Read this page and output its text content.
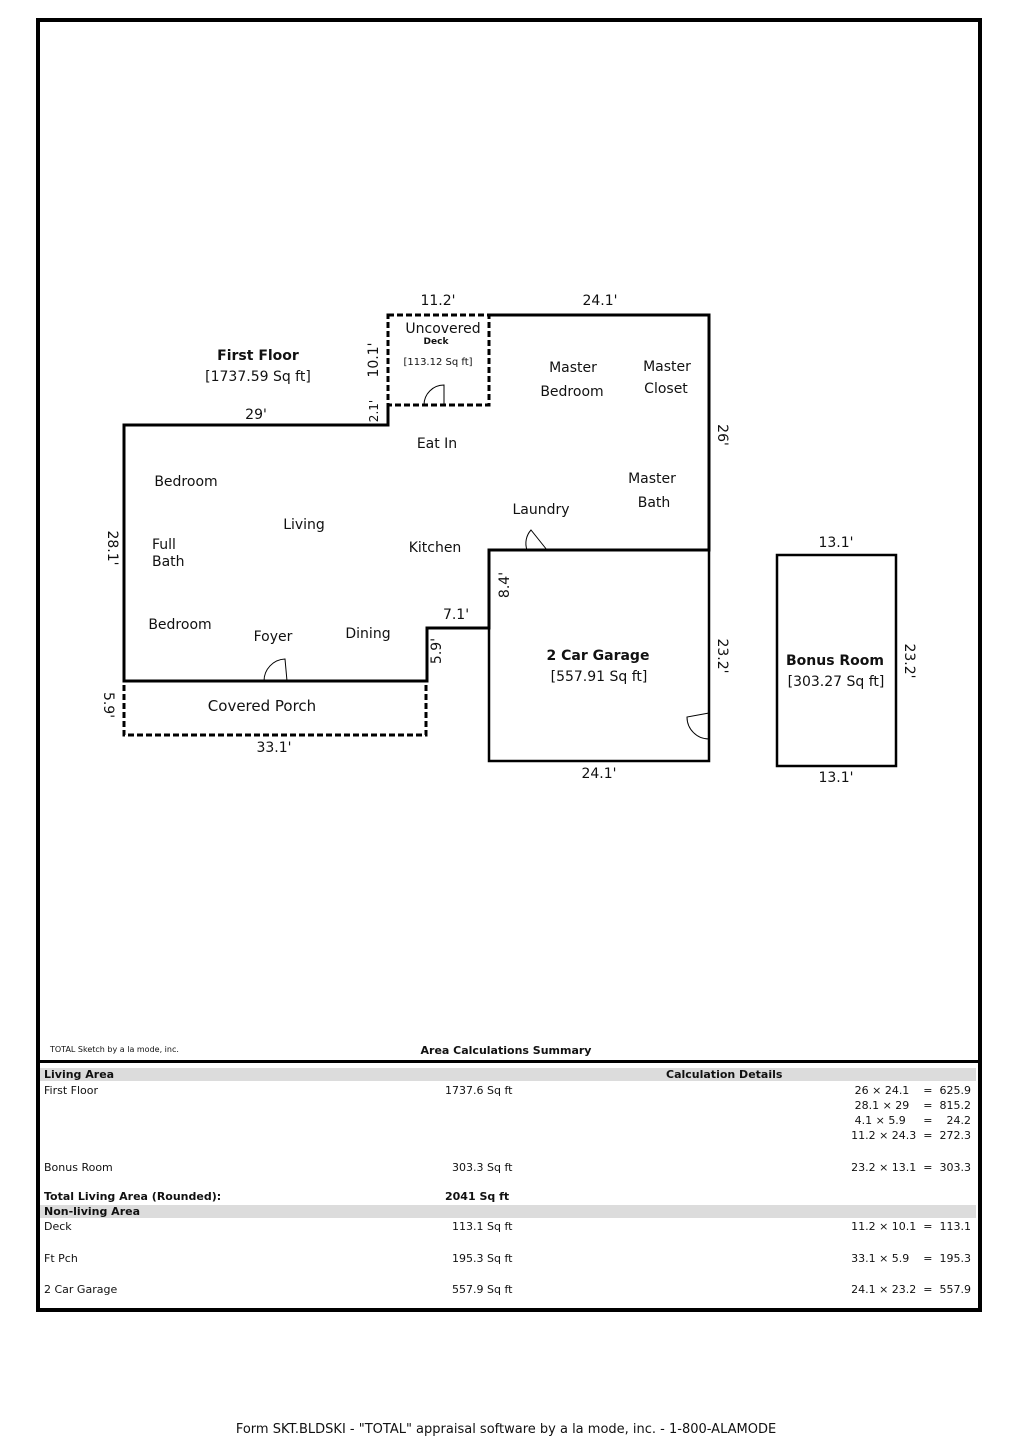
First Floor
[1737.59 Sq ft]
Uncovered
Deck
[113.12 Sq ft]
2 Car Garage
[557.91 Sq ft]
Bonus Room
[303.27 Sq ft]
Covered Porch
Master
Bedroom
Master
Closet
Eat In
Bedroom	Master
Bath
Laundry
Living
Full
Bath
Kitchen
Bedroom
Foyer	Dining
11.2'	24.1'
29'
7.1'
33.1'
24.1'
13.1'
13.1'
10.1'
2.1'
8.4'
5.9'
26'
28.1'
5.9'
23.2'	23.2'
TOTAL Sketch by a la mode, inc.	Area Calculations Summary
Living Area	Calculation Details
First Floor	1737.6 Sq ft	26 × 24.1    =  625.9
28.1 × 29    =  815.2
4.1 × 5.9     =    24.2
11.2 × 24.3  =  272.3
Bonus Room	303.3 Sq ft	23.2 × 13.1  =  303.3
Total Living Area (Rounded):	2041 Sq ft
Non-living Area
Deck	113.1 Sq ft	11.2 × 10.1  =  113.1
Ft Pch	195.3 Sq ft	33.1 × 5.9    =  195.3
2 Car Garage	557.9 Sq ft	24.1 × 23.2  =  557.9
Form SKT.BLDSKI - "TOTAL" appraisal software by a la mode, inc. - 1-800-ALAMODE
